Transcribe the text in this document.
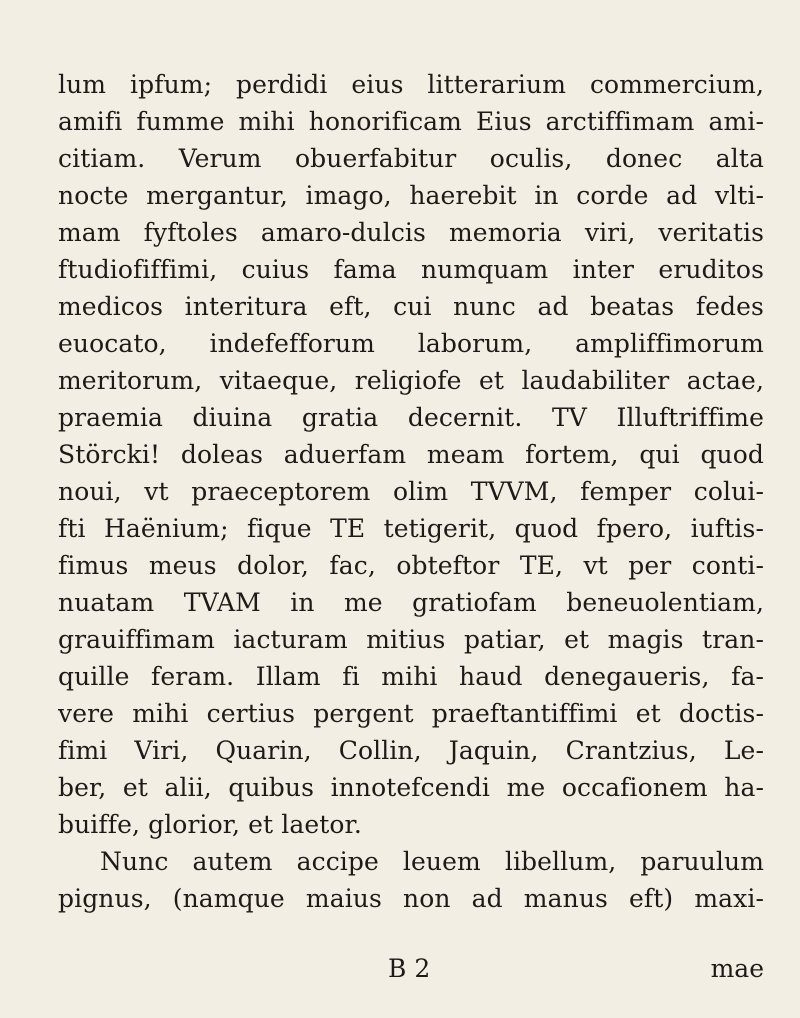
lum ipfum; perdidi eius litterarium commercium,
amifi fumme mihi honorificam Eius arctiffimam ami-
citiam. Verum obuerfabitur oculis, donec alta
nocte mergantur, imago, haerebit in corde ad vlti-
mam fyftoles amaro-dulcis memoria viri, veritatis
ftudiofiffimi, cuius fama numquam inter eruditos
medicos interitura eft, cui nunc ad beatas fedes
euocato, indefefforum laborum, ampliffimorum
meritorum, vitaeque, religiofe et laudabiliter actae,
praemia diuina gratia decernit. TV Illuftriffime
Störcki! doleas aduerfam meam fortem, qui quod
noui, vt praeceptorem olim TVVM, femper colui-
fti Haënium; fique TE tetigerit, quod fpero, iuftis-
fimus meus dolor, fac, obteftor TE, vt per conti-
nuatam TVAM in me gratiofam beneuolentiam,
grauiffimam iacturam mitius patiar, et magis tran-
quille feram. Illam fi mihi haud denegaueris, fa-
vere mihi certius pergent praeftantiffimi et doctis-
fimi Viri, Quarin, Collin, Jaquin, Crantzius, Le-
ber, et alii, quibus innotefcendi me occafionem ha-
buiffe, glorior, et laetor.
Nunc autem accipe leuem libellum, paruulum
pignus, (namque maius non ad manus eft) maxi-
B 2	mae
